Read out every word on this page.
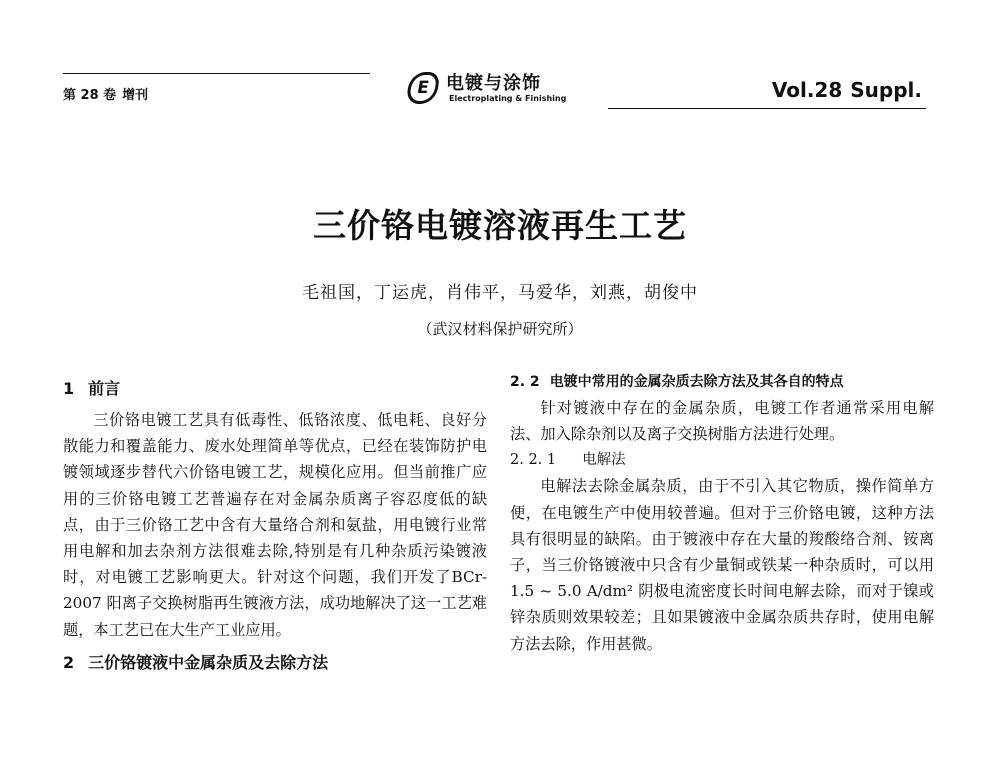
第 28 卷 增刊	E 电镀与涂饰
Electroplating & Finishing	Vol.28 Suppl.
三价铬电镀溶液再生工艺
毛祖国，丁运虎，肖伟平，马爱华，刘燕，胡俊中
（武汉材料保护研究所）
1 前言

三价铬电镀工艺具有低毒性、低铬浓度、低电耗、良好分散能力和覆盖能力、废水处理简单等优点，已经在装饰防护电镀领域逐步替代六价铬电镀工艺，规模化应用。但当前推广应用的三价铬电镀工艺普遍存在对金属杂质离子容忍度低的缺点，由于三价铬工艺中含有大量络合剂和氨盐，用电镀行业常用电解和加去杂剂方法很难去除,特别是有几种杂质污染镀液时，对电镀工艺影响更大。针对这个问题，我们开发了BCr-2007 阳离子交换树脂再生镀液方法，成功地解决了这一工艺难题，本工艺已在大生产工业应用。

2 三价铬镀液中金属杂质及去除方法
2. 2 电镀中常用的金属杂质去除方法及其各自的特点

针对镀液中存在的金属杂质，电镀工作者通常采用电解法、加入除杂剂以及离子交换树脂方法进行处理。

2. 2. 1 电解法

电解法去除金属杂质，由于不引入其它物质，操作简单方便，在电镀生产中使用较普遍。但对于三价铬电镀，这种方法具有很明显的缺陷。由于镀液中存在大量的羧酸络合剂、铵离子，当三价铬镀液中只含有少量铜或铁某一种杂质时，可以用 1.5 ~ 5.0 A/dm² 阴极电流密度长时间电解去除，而对于镍或锌杂质则效果较差；且如果镀液中金属杂质共存时，使用电解方法去除，作用甚微。
